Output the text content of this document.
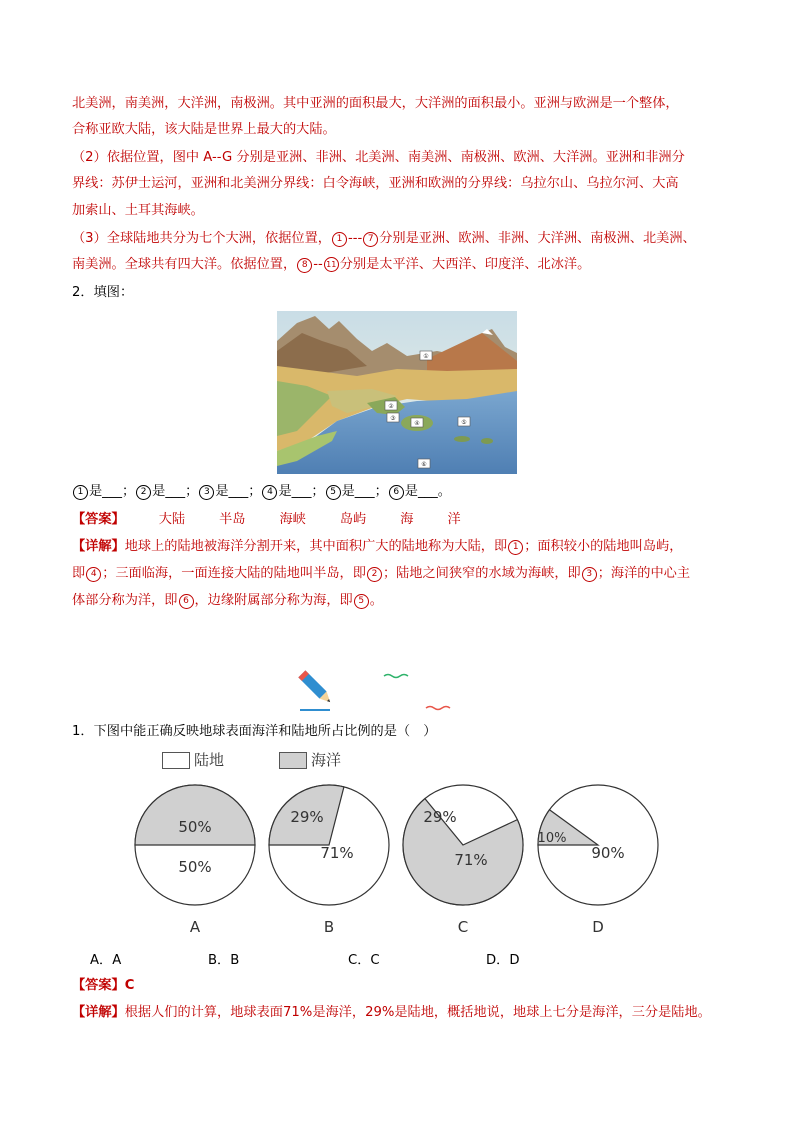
北美洲，南美洲，大洋洲，南极洲。其中亚洲的面积最大，大洋洲的面积最小。亚洲与欧洲是一个整体，
合称亚欧大陆，该大陆是世界上最大的大陆。
（2）依据位置，图中 A--G 分别是亚洲、非洲、北美洲、南美洲、南极洲、欧洲、大洋洲。亚洲和非洲分
界线：苏伊士运河，亚洲和北美洲分界线：白令海峡，亚洲和欧洲的分界线：乌拉尔山、乌拉尔河、大高
加索山、土耳其海峡。
（3）全球陆地共分为七个大洲，依据位置， 1 --- 7 分别是亚洲、欧洲、非洲、大洋洲、南极洲、北美洲、
南美洲。全球共有四大洋。依据位置， 8 -- 11 分别是太平洋、大西洋、印度洋、北冰洋。
2．填图：
①
②
③
④	⑤
⑥
1 是___； 2 是___； 3 是___； 4 是___； 5 是___； 6 是___。
【答案】	大陆	半岛	海峡	岛屿	海	洋
【详解】地球上的陆地被海洋分割开来，其中面积广大的陆地称为大陆，即 1 ；面积较小的陆地叫岛屿，
即 4 ；三面临海，一面连接大陆的陆地叫半岛，即 2 ；陆地之间狭窄的水域为海峡，即 3 ；海洋的中心主
体部分称为洋，即 6 ，边缘附属部分称为海，即 5 。
基
础
检
测
1．下图中能正确反映地球表面海洋和陆地所占比例的是（　）
陆地	海洋
50%
50%
29%
71%
29%
71%
10%
90%
A	B	C	D
A．A	B．B	C．C	D．D
【答案】C
【详解】根据人们的计算，地球表面71%是海洋，29%是陆地，概括地说，地球上七分是海洋，三分是陆地。
